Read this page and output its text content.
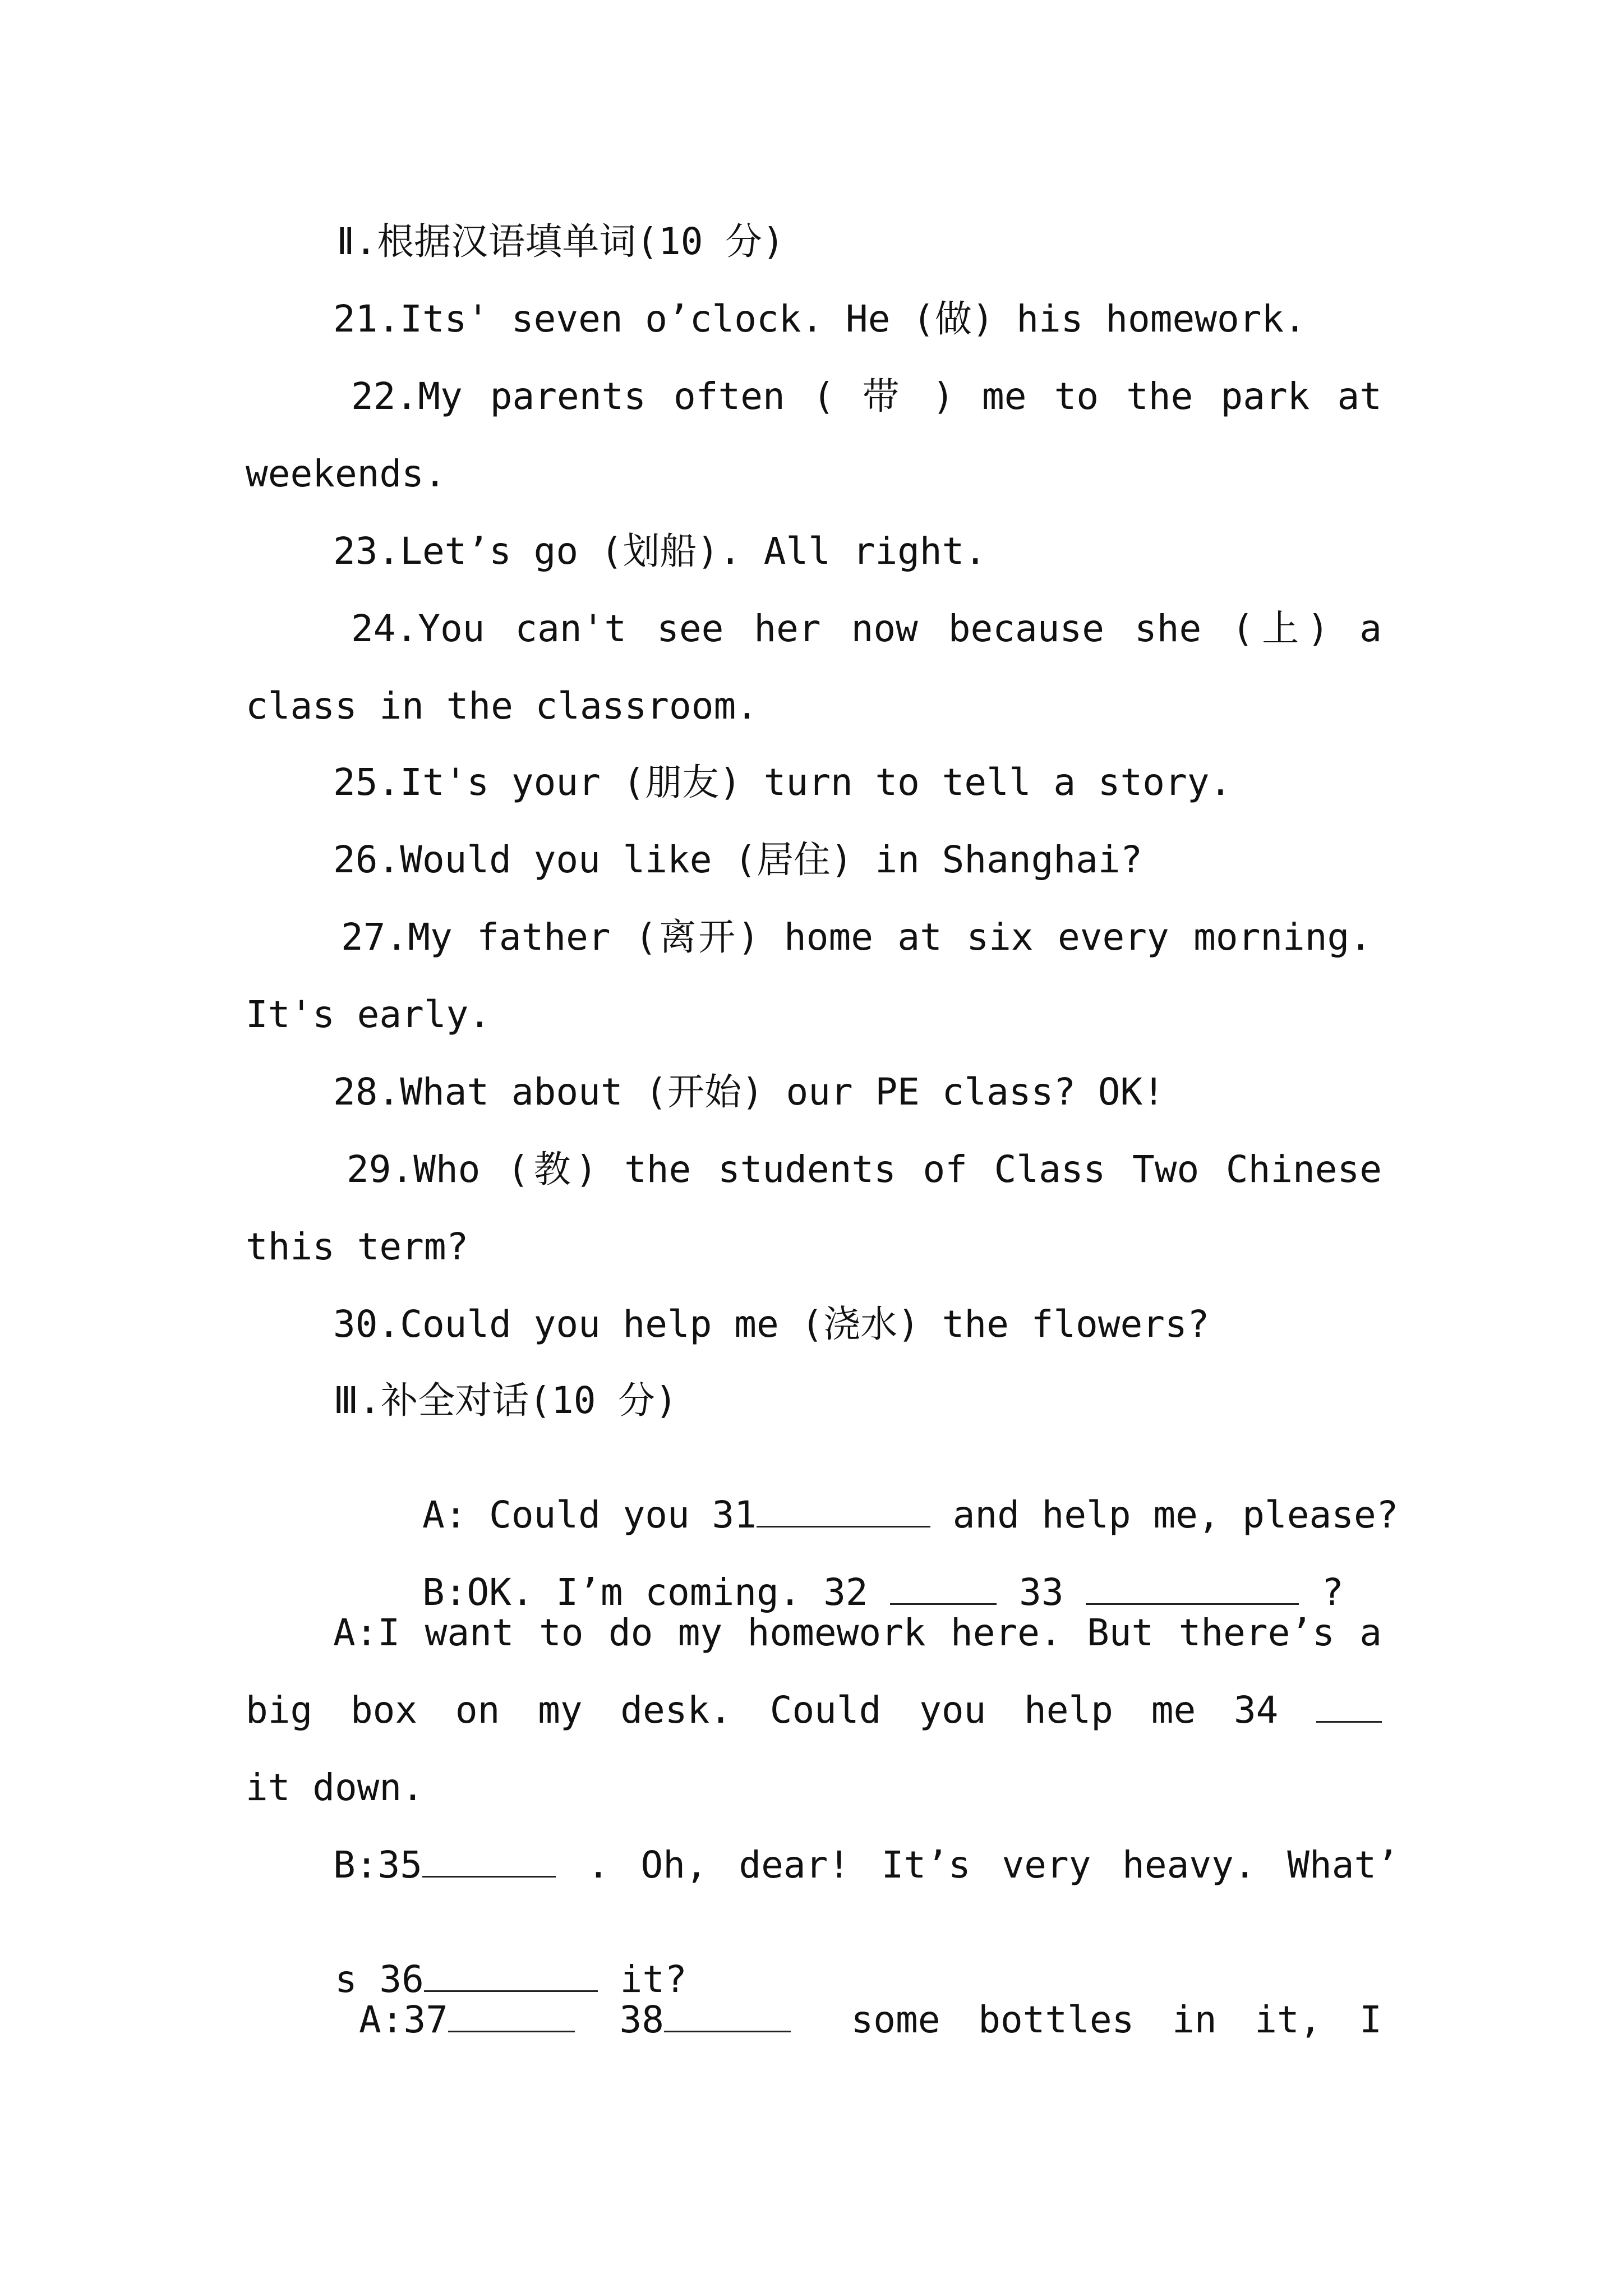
Ⅱ.根据汉语填单词(10 分)
21.Its' seven o’clock. He (做) his homework.
22.My parents often ( 带 ) me to the park at
weekends.
23.Let’s go (划船). All right.
24.You can't see her now because she (上) a
class in the classroom.
25.It's your (朋友) turn to tell a story.
26.Would you like (居住) in Shanghai?
27.My father (离开) home at six every morning.
It's early.
28.What about (开始) our PE class? OK!
29.Who (教) the students of Class Two Chinese
this term?
30.Could you help me (浇水) the flowers?
Ⅲ.补全对话(10 分)

A: Could you 31	and help me, please?

B:OK. I’m coming. 32	33	?

A:I want to do my homework here. But there’s a
big box on my desk. Could you help me 34
it down.
B:35	. Oh, dear! It’s very heavy. What’

s 36	it?

A:37	38	some bottles in it, I
